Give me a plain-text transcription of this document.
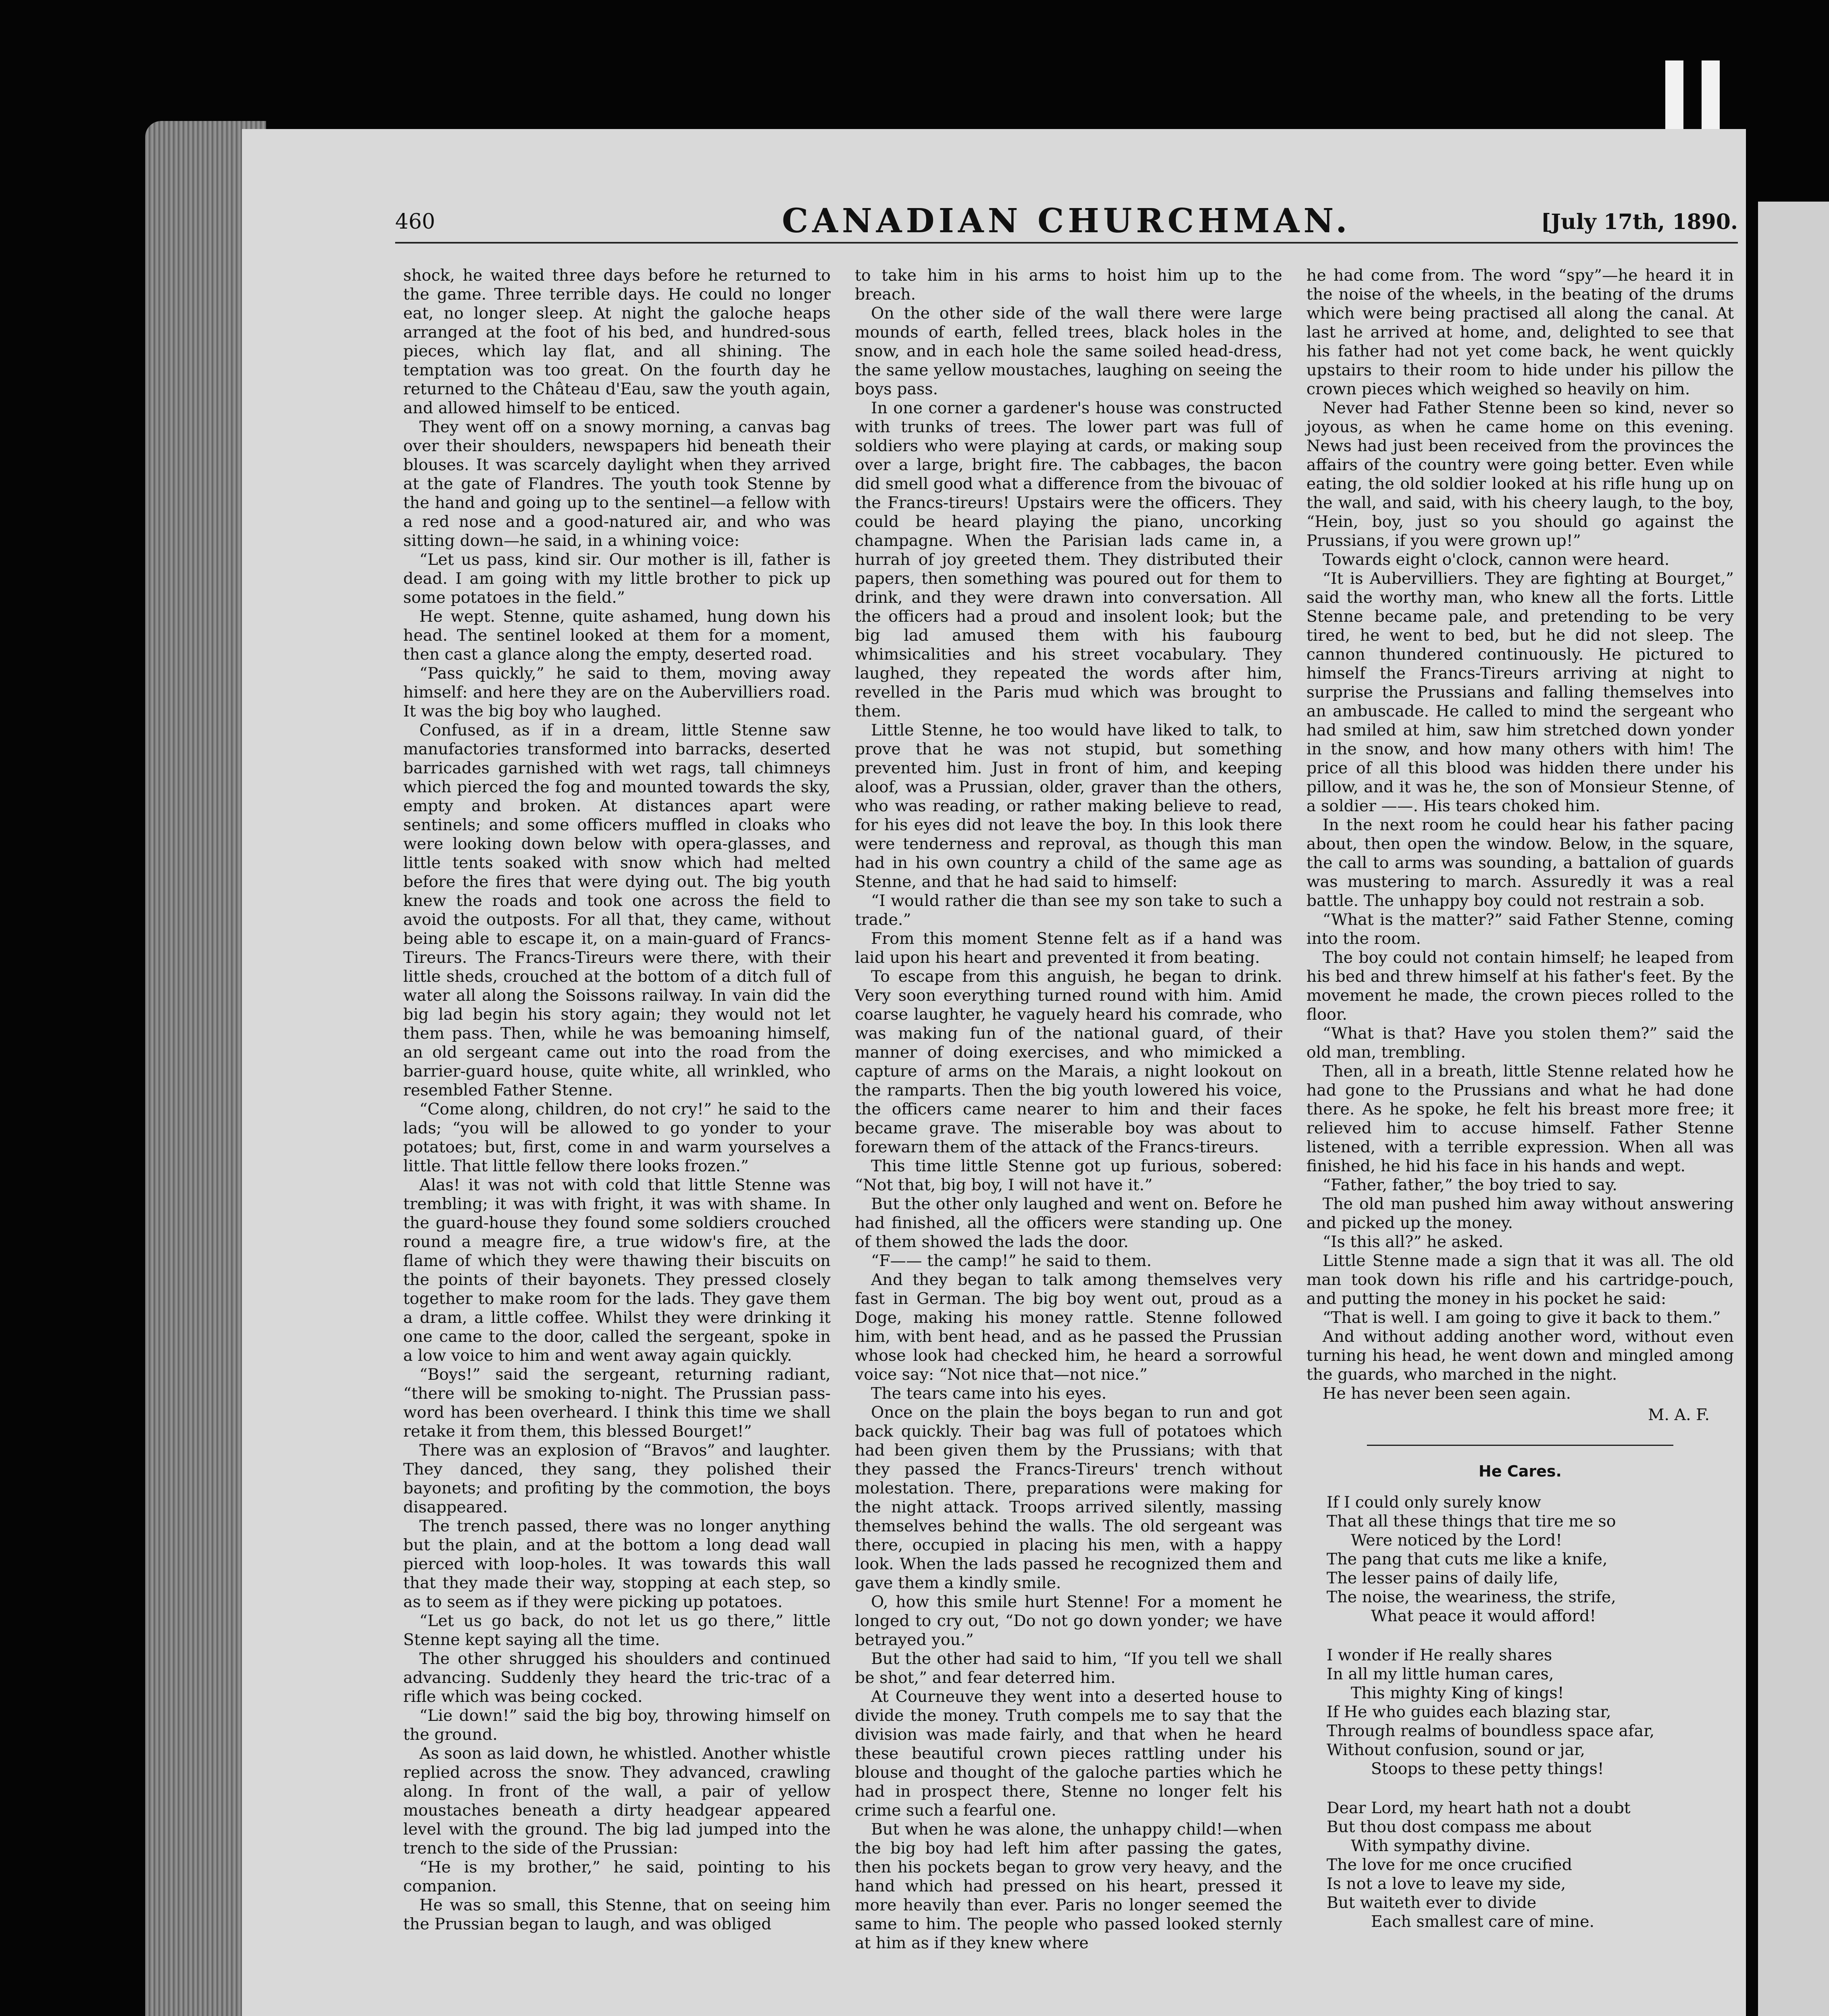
460	CANADIAN CHURCHMAN.	[July 17th, 1890.

shock, he waited three days before he returned to the game. Three terrible days. He could no longer eat, no longer sleep. At night the galoche heaps arranged at the foot of his bed, and hundred-sous pieces, which lay flat, and all shining. The temptation was too great. On the fourth day he returned to the Château d'Eau, saw the youth again, and allowed himself to be enticed.

They went off on a snowy morning, a canvas bag over their shoulders, newspapers hid beneath their blouses. It was scarcely daylight when they arrived at the gate of Flandres. The youth took Stenne by the hand and going up to the sentinel—a fellow with a red nose and a good-natured air, and who was sitting down—he said, in a whining voice:

“Let us pass, kind sir. Our mother is ill, father is dead. I am going with my little brother to pick up some potatoes in the field.”

He wept. Stenne, quite ashamed, hung down his head. The sentinel looked at them for a moment, then cast a glance along the empty, deserted road.

“Pass quickly,” he said to them, moving away himself: and here they are on the Aubervilliers road. It was the big boy who laughed.

Confused, as if in a dream, little Stenne saw manufactories transformed into barracks, deserted barricades garnished with wet rags, tall chimneys which pierced the fog and mounted towards the sky, empty and broken. At distances apart were sentinels; and some officers muffled in cloaks who were looking down below with opera-glasses, and little tents soaked with snow which had melted before the fires that were dying out. The big youth knew the roads and took one across the field to avoid the outposts. For all that, they came, without being able to escape it, on a main-guard of Francs-Tireurs. The Francs-Tireurs were there, with their little sheds, crouched at the bottom of a ditch full of water all along the Soissons railway. In vain did the big lad begin his story again; they would not let them pass. Then, while he was bemoaning himself, an old sergeant came out into the road from the barrier-guard house, quite white, all wrinkled, who resembled Father Stenne.

“Come along, children, do not cry!” he said to the lads; “you will be allowed to go yonder to your potatoes; but, first, come in and warm yourselves a little. That little fellow there looks frozen.”

Alas! it was not with cold that little Stenne was trembling; it was with fright, it was with shame. In the guard-house they found some soldiers crouched round a meagre fire, a true widow's fire, at the flame of which they were thawing their biscuits on the points of their bayonets. They pressed closely together to make room for the lads. They gave them a dram, a little coffee. Whilst they were drinking it one came to the door, called the sergeant, spoke in a low voice to him and went away again quickly.

“Boys!” said the sergeant, returning radiant, “there will be smoking to-night. The Prussian pass-word has been overheard. I think this time we shall retake it from them, this blessed Bourget!”

There was an explosion of “Bravos” and laughter. They danced, they sang, they polished their bayonets; and profiting by the commotion, the boys disappeared.

The trench passed, there was no longer anything but the plain, and at the bottom a long dead wall pierced with loop-holes. It was towards this wall that they made their way, stopping at each step, so as to seem as if they were picking up potatoes.

“Let us go back, do not let us go there,” little Stenne kept saying all the time.

The other shrugged his shoulders and continued advancing. Suddenly they heard the tric-trac of a rifle which was being cocked.

“Lie down!” said the big boy, throwing himself on the ground.

As soon as laid down, he whistled. Another whistle replied across the snow. They advanced, crawling along. In front of the wall, a pair of yellow moustaches beneath a dirty headgear appeared level with the ground. The big lad jumped into the trench to the side of the Prussian:

“He is my brother,” he said, pointing to his companion.

He was so small, this Stenne, that on seeing him the Prussian began to laugh, and was obliged

to take him in his arms to hoist him up to the breach.

On the other side of the wall there were large mounds of earth, felled trees, black holes in the snow, and in each hole the same soiled head-dress, the same yellow moustaches, laughing on seeing the boys pass.

In one corner a gardener's house was constructed with trunks of trees. The lower part was full of soldiers who were playing at cards, or making soup over a large, bright fire. The cabbages, the bacon did smell good what a difference from the bivouac of the Francs-tireurs! Upstairs were the officers. They could be heard playing the piano, uncorking champagne. When the Parisian lads came in, a hurrah of joy greeted them. They distributed their papers, then something was poured out for them to drink, and they were drawn into conversation. All the officers had a proud and insolent look; but the big lad amused them with his faubourg whimsicalities and his street vocabulary. They laughed, they repeated the words after him, revelled in the Paris mud which was brought to them.

Little Stenne, he too would have liked to talk, to prove that he was not stupid, but something prevented him. Just in front of him, and keeping aloof, was a Prussian, older, graver than the others, who was reading, or rather making believe to read, for his eyes did not leave the boy. In this look there were tenderness and reproval, as though this man had in his own country a child of the same age as Stenne, and that he had said to himself:

“I would rather die than see my son take to such a trade.”

From this moment Stenne felt as if a hand was laid upon his heart and prevented it from beating.

To escape from this anguish, he began to drink. Very soon everything turned round with him. Amid coarse laughter, he vaguely heard his comrade, who was making fun of the national guard, of their manner of doing exercises, and who mimicked a capture of arms on the Marais, a night lookout on the ramparts. Then the big youth lowered his voice, the officers came nearer to him and their faces became grave. The miserable boy was about to forewarn them of the attack of the Francs-tireurs.

This time little Stenne got up furious, sobered: “Not that, big boy, I will not have it.”

But the other only laughed and went on. Before he had finished, all the officers were standing up. One of them showed the lads the door.

“F—— the camp!” he said to them.

And they began to talk among themselves very fast in German. The big boy went out, proud as a Doge, making his money rattle. Stenne followed him, with bent head, and as he passed the Prussian whose look had checked him, he heard a sorrowful voice say: “Not nice that—not nice.”

The tears came into his eyes.

Once on the plain the boys began to run and got back quickly. Their bag was full of potatoes which had been given them by the Prussians; with that they passed the Francs-Tireurs' trench without molestation. There, preparations were making for the night attack. Troops arrived silently, massing themselves behind the walls. The old sergeant was there, occupied in placing his men, with a happy look. When the lads passed he recognized them and gave them a kindly smile.

O, how this smile hurt Stenne! For a moment he longed to cry out, “Do not go down yonder; we have betrayed you.”

But the other had said to him, “If you tell we shall be shot,” and fear deterred him.

At Courneuve they went into a deserted house to divide the money. Truth compels me to say that the division was made fairly, and that when he heard these beautiful crown pieces rattling under his blouse and thought of the galoche parties which he had in prospect there, Stenne no longer felt his crime such a fearful one.

But when he was alone, the unhappy child!—when the big boy had left him after passing the gates, then his pockets began to grow very heavy, and the hand which had pressed on his heart, pressed it more heavily than ever. Paris no longer seemed the same to him. The people who passed looked sternly at him as if they knew where

he had come from. The word “spy”—he heard it in the noise of the wheels, in the beating of the drums which were being practised all along the canal. At last he arrived at home, and, delighted to see that his father had not yet come back, he went quickly upstairs to their room to hide under his pillow the crown pieces which weighed so heavily on him.

Never had Father Stenne been so kind, never so joyous, as when he came home on this evening. News had just been received from the provinces the affairs of the country were going better. Even while eating, the old soldier looked at his rifle hung up on the wall, and said, with his cheery laugh, to the boy, “Hein, boy, just so you should go against the Prussians, if you were grown up!”

Towards eight o'clock, cannon were heard.

“It is Aubervilliers. They are fighting at Bourget,” said the worthy man, who knew all the forts. Little Stenne became pale, and pretending to be very tired, he went to bed, but he did not sleep. The cannon thundered continuously. He pictured to himself the Francs-Tireurs arriving at night to surprise the Prussians and falling themselves into an ambuscade. He called to mind the sergeant who had smiled at him, saw him stretched down yonder in the snow, and how many others with him! The price of all this blood was hidden there under his pillow, and it was he, the son of Monsieur Stenne, of a soldier ——. His tears choked him.

In the next room he could hear his father pacing about, then open the window. Below, in the square, the call to arms was sounding, a battalion of guards was mustering to march. Assuredly it was a real battle. The unhappy boy could not restrain a sob.

“What is the matter?” said Father Stenne, coming into the room.

The boy could not contain himself; he leaped from his bed and threw himself at his father's feet. By the movement he made, the crown pieces rolled to the floor.

“What is that? Have you stolen them?” said the old man, trembling.

Then, all in a breath, little Stenne related how he had gone to the Prussians and what he had done there. As he spoke, he felt his breast more free; it relieved him to accuse himself. Father Stenne listened, with a terrible expression. When all was finished, he hid his face in his hands and wept.

“Father, father,” the boy tried to say.

The old man pushed him away without answering and picked up the money.

“Is this all?” he asked.

Little Stenne made a sign that it was all. The old man took down his rifle and his cartridge-pouch, and putting the money in his pocket he said:

“That is well. I am going to give it back to them.”

And without adding another word, without even turning his head, he went down and mingled among the guards, who marched in the night.

He has never been seen again.

M. A. F.
He Cares.
If I could only surely know
That all these things that tire me so
Were noticed by the Lord!
The pang that cuts me like a knife,
The lesser pains of daily life,
The noise, the weariness, the strife,
What peace it would afford!
I wonder if He really shares
In all my little human cares,
This mighty King of kings!
If He who guides each blazing star,
Through realms of boundless space afar,
Without confusion, sound or jar,
Stoops to these petty things!
Dear Lord, my heart hath not a doubt
But thou dost compass me about
With sympathy divine.
The love for me once crucified
Is not a love to leave my side,
But waiteth ever to divide
Each smallest care of mine.
